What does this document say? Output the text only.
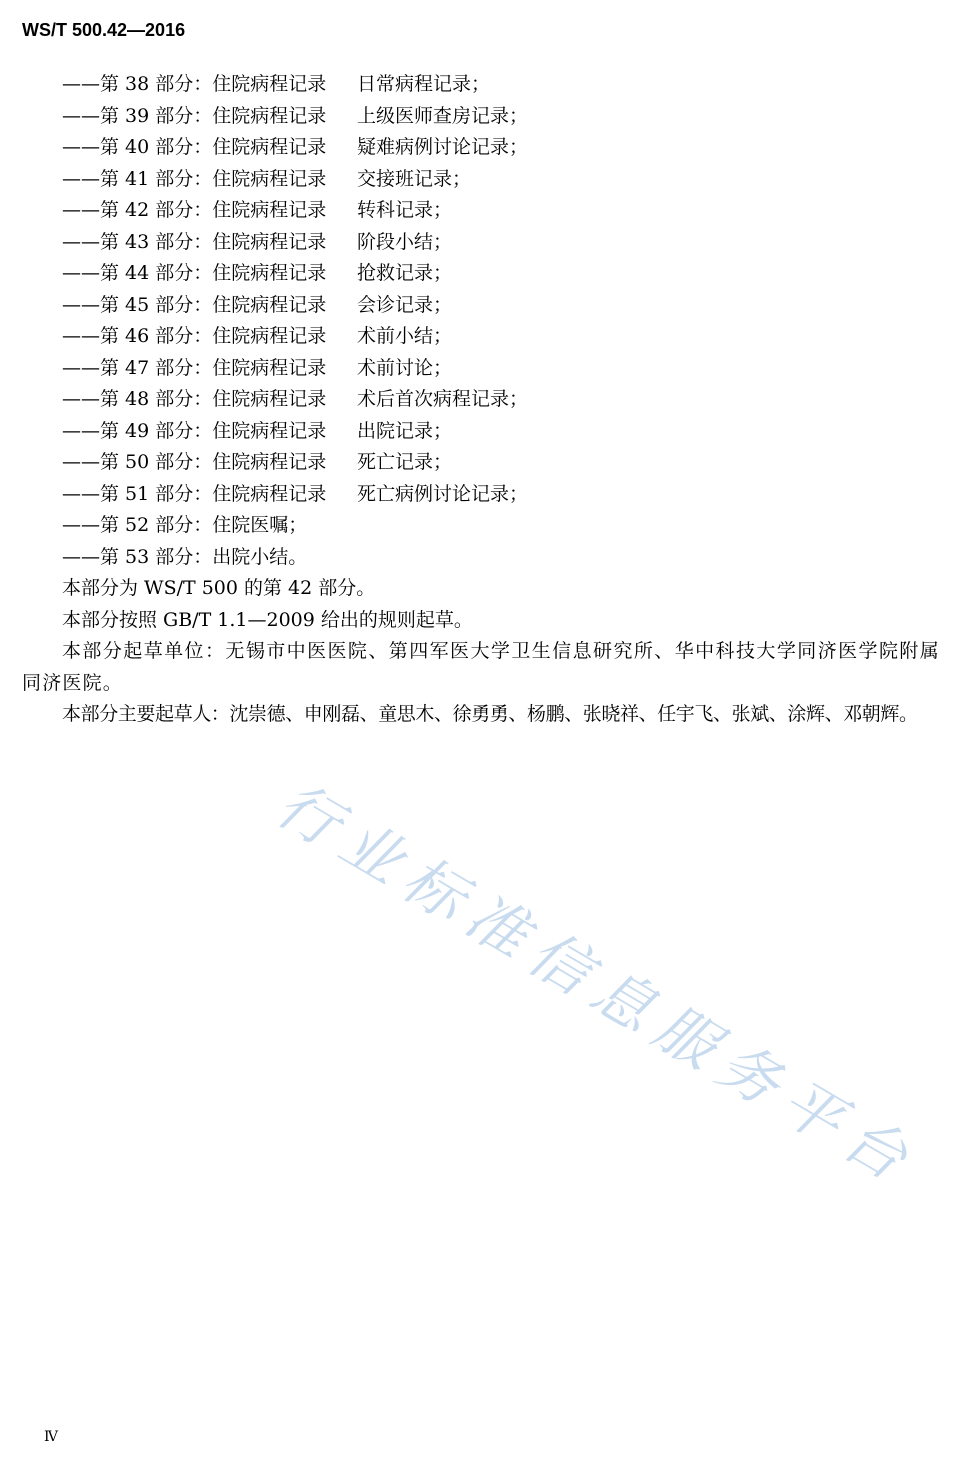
WS/T 500.42—2016
——第 38 部分：住院病程记录 日常病程记录；
——第 39 部分：住院病程记录 上级医师查房记录；
——第 40 部分：住院病程记录 疑难病例讨论记录；
——第 41 部分：住院病程记录 交接班记录；
——第 42 部分：住院病程记录 转科记录；
——第 43 部分：住院病程记录 阶段小结；
——第 44 部分：住院病程记录 抢救记录；
——第 45 部分：住院病程记录 会诊记录；
——第 46 部分：住院病程记录 术前小结；
——第 47 部分：住院病程记录 术前讨论；
——第 48 部分：住院病程记录 术后首次病程记录；
——第 49 部分：住院病程记录 出院记录；
——第 50 部分：住院病程记录 死亡记录；
——第 51 部分：住院病程记录 死亡病例讨论记录；
——第 52 部分：住院医嘱；
——第 53 部分：出院小结。
本部分为 WS/T 500 的第 42 部分。
本部分按照 GB/T 1.1—2009 给出的规则起草。
本部分起草单位：无锡市中医医院、第四军医大学卫生信息研究所、华中科技大学同济医学院附属同济医院。
本部分主要起草人：沈崇德、申刚磊、童思木、徐勇勇、杨鹏、张晓祥、任宇飞、张斌、涂辉、邓朝辉。
行业标准信息服务平台
Ⅳ
